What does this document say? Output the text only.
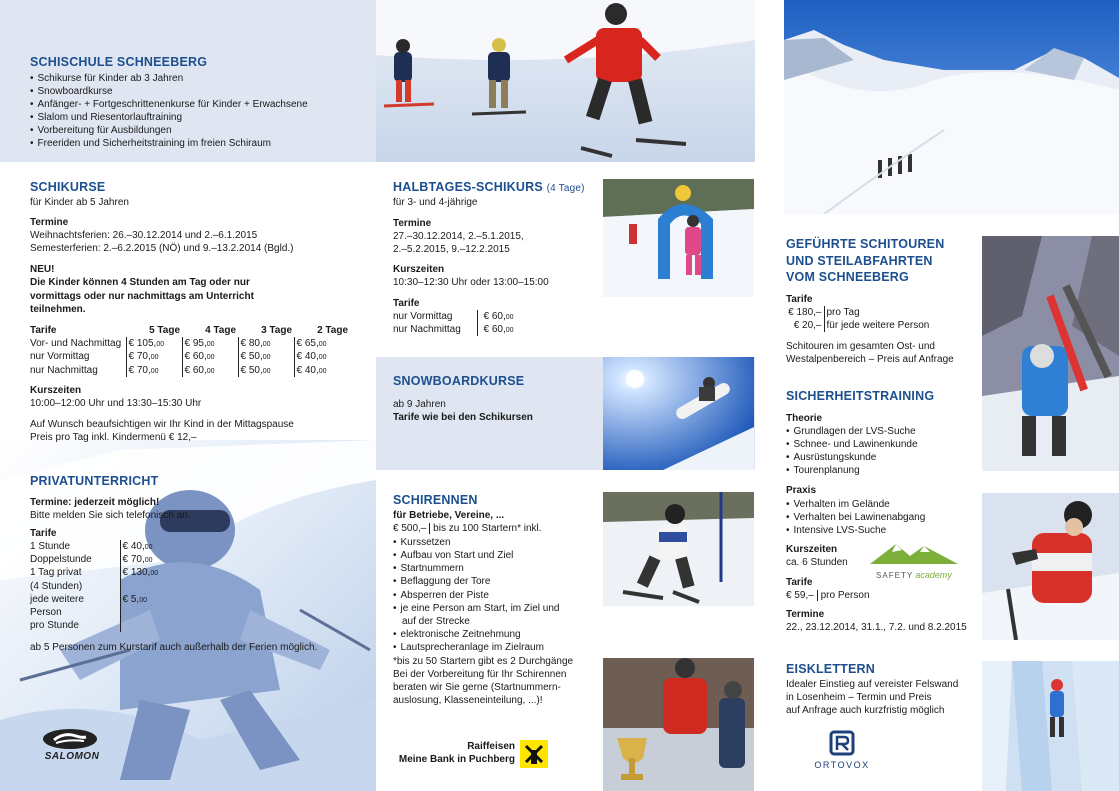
SCHISCHULE SCHNEEBERG
• Schikurse für Kinder ab 3 Jahren
• Snowboardkurse
• Anfänger- + Fortgeschrittenenkurse für Kinder + Erwachsene
• Slalom und Riesentorlauftraining
• Vorbereitung für Ausbildungen
• Freeriden und Sicherheitstraining im freien Schiraum
SCHIKURSE
für Kinder ab 5 Jahren
Termine
Weihnachtsferien: 26.–30.12.2014 und 2.–6.1.2015
Semesterferien: 2.–6.2.2015 (NÖ) und 9.–13.2.2014 (Bgld.)
NEU!
Die Kinder können 4 Stunden am Tag oder nur vormittags oder nur nachmittags am Unterricht teilnehmen.
Tarife	5 Tage	4 Tage	3 Tage	2 Tage
Vor- und Nachmittag	€ 105,00	€ 95,00	€ 80,00	€ 65,00
nur Vormittag	€ 70,00	€ 60,00	€ 50,00	€ 40,00
nur Nachmittag	€ 70,00	€ 60,00	€ 50,00	€ 40,00
Kurszeiten
10:00–12:00 Uhr und 13:30–15:30 Uhr
Auf Wunsch beaufsichtigen wir Ihr Kind in der Mittagspause
Preis pro Tag inkl. Kindermenü € 12,–
PRIVATUNTERRICHT
Termine: jederzeit möglich!
Bitte melden Sie sich telefonisch an.
Tarife
1 Stunde	€ 40,00
Doppelstunde	€ 70,00
1 Tag privat	€ 130,00
(4 Stunden)	
jede weitere Person	€ 5,00
pro Stunde	
ab 5 Personen zum Kurstarif auch außerhalb der Ferien möglich.
SALOMON
HALBTAGES-SCHIKURS (4 Tage)
für 3- und 4-jährige
Termine
27.–30.12.2014, 2.–5.1.2015,
2.–5.2.2015, 9.–12.2.2015
Kurszeiten
10:30–12:30 Uhr oder 13:00–15:00
Tarife
nur Vormittag	€ 60,00
nur Nachmittag	€ 60,00
SNOWBOARDKURSE
ab 9 Jahren
Tarife wie bei den Schikursen
SCHIRENNEN
für Betriebe, Vereine, ...
€ 500,– bis zu 100 Startern* inkl.
• Kurssetzen
• Aufbau von Start und Ziel
• Startnummern
• Beflaggung der Tore
• Absperren der Piste
• je eine Person am Start, im Ziel und auf der Strecke
• elektronische Zeitnehmung
• Lautsprecheranlage im Zielraum
*bis zu 50 Startern gibt es 2 Durchgänge
Bei der Vorbereitung für Ihr Schirennen beraten wir Sie gerne (Startnummern-auslosung, Klasseneinteilung, ...)!
Raiffeisen
Meine Bank in Puchberg
GEFÜHRTE SCHITOUREN
UND STEILABFAHRTEN
VOM SCHNEEBERG
Tarife
€ 180,–	pro Tag
€ 20,–	für jede weitere Person
Schitouren im gesamten Ost- und
Westalpenbereich – Preis auf Anfrage
SICHERHEITSTRAINING
Theorie
• Grundlagen der LVS-Suche
• Schnee- und Lawinenkunde
• Ausrüstungskunde
• Tourenplanung
Praxis
• Verhalten im Gelände
• Verhalten bei Lawinenabgang
• Intensive LVS-Suche
Kurszeiten
ca. 6 Stunden
Tarife
€ 59,– pro Person
Termine
22., 23.12.2014, 31.1., 7.2. und 8.2.2015
SAFETY academy
EISKLETTERN
Idealer Einstieg auf vereister Felswand
in Losenheim – Termin und Preis
auf Anfrage auch kurzfristig möglich
ORTOVOX
